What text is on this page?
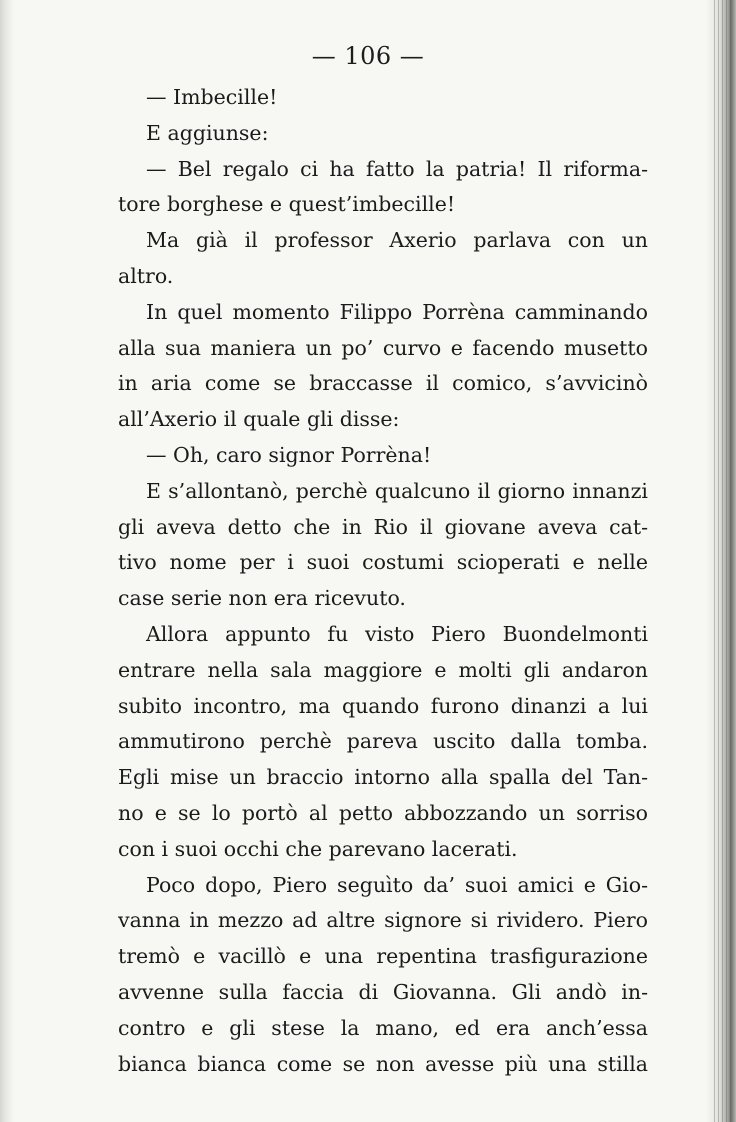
— 106 —
— Imbecille!
E aggiunse:
— Bel regalo ci ha fatto la patria! Il riforma-
tore borghese e quest’imbecille!
Ma già il professor Axerio parlava con un
altro.
In quel momento Filippo Porrèna camminando
alla sua maniera un po’ curvo e facendo musetto
in aria come se braccasse il comico, s’avvicinò
all’Axerio il quale gli disse:
— Oh, caro signor Porrèna!
E s’allontanò, perchè qualcuno il giorno innanzi
gli aveva detto che in Rio il giovane aveva cat-
tivo nome per i suoi costumi scioperati e nelle
case serie non era ricevuto.
Allora appunto fu visto Piero Buondelmonti
entrare nella sala maggiore e molti gli andaron
subito incontro, ma quando furono dinanzi a lui
ammutirono perchè pareva uscito dalla tomba.
Egli mise un braccio intorno alla spalla del Tan-
no e se lo portò al petto abbozzando un sorriso
con i suoi occhi che parevano lacerati.
Poco dopo, Piero seguìto da’ suoi amici e Gio-
vanna in mezzo ad altre signore si rividero. Piero
tremò e vacillò e una repentina trasfigurazione
avvenne sulla faccia di Giovanna. Gli andò in-
contro e gli stese la mano, ed era anch’essa
bianca bianca come se non avesse più una stilla
